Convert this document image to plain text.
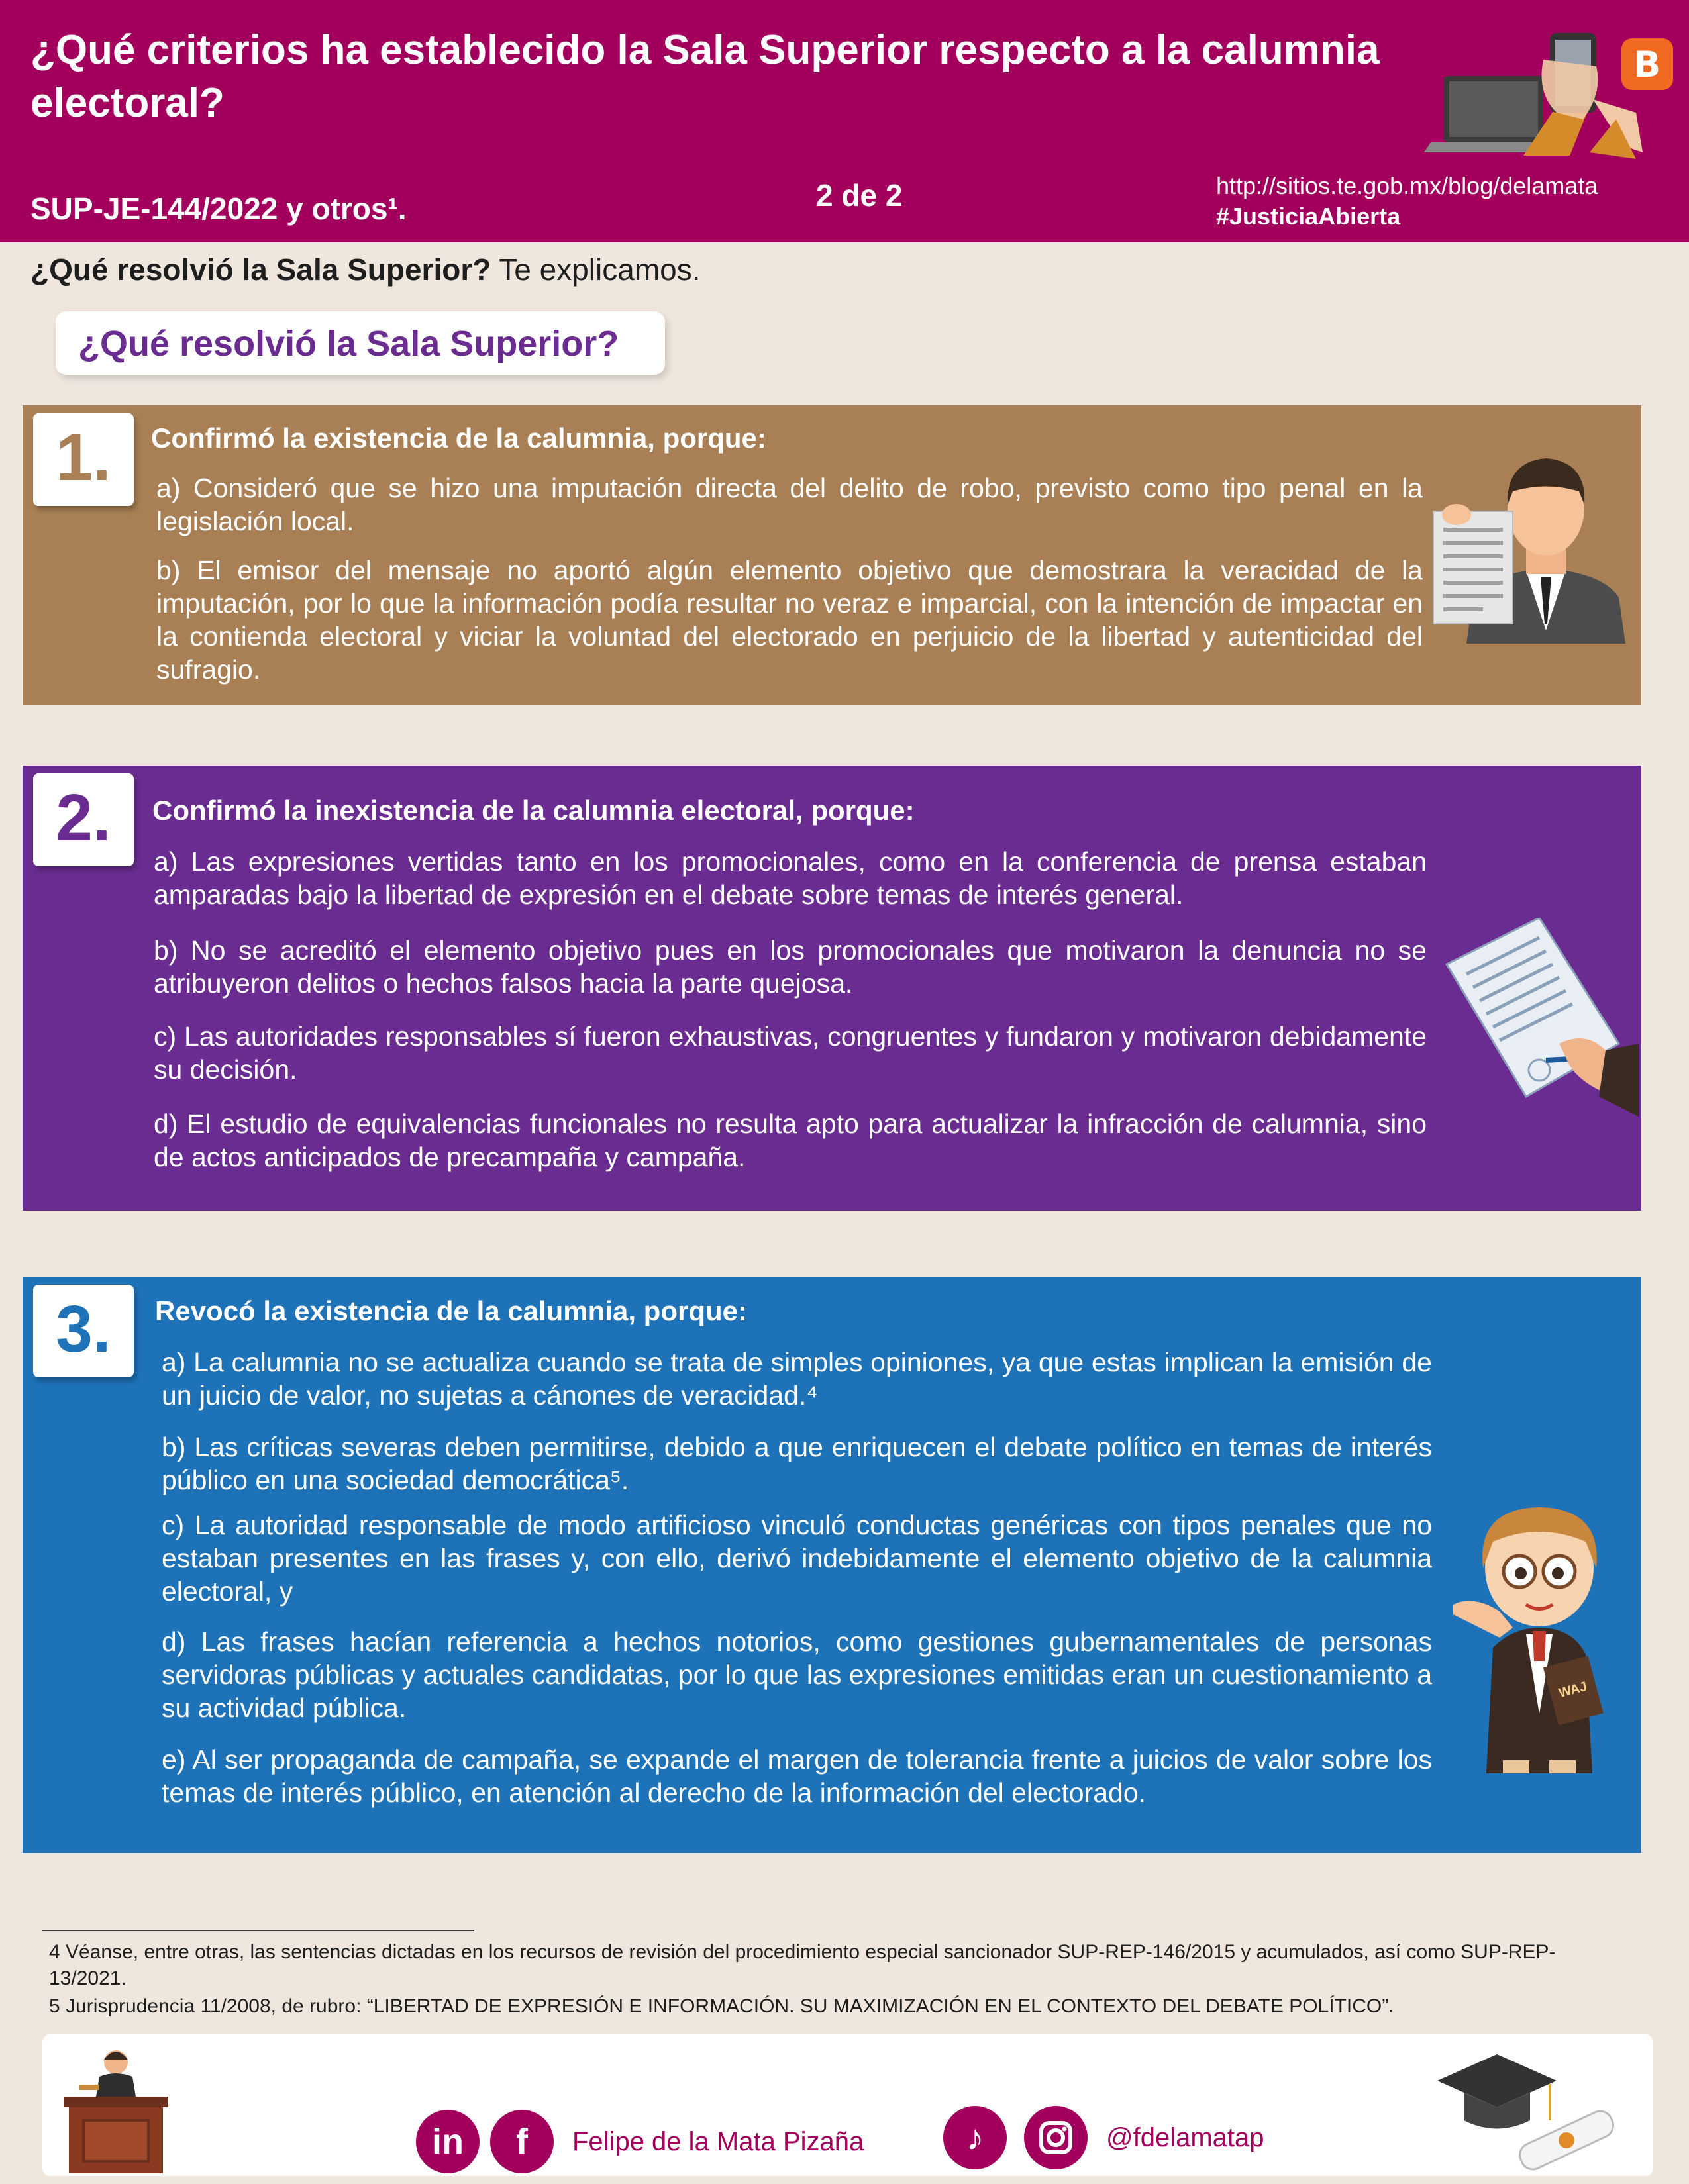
¿Qué criterios ha establecido la Sala Superior respecto a la calumnia electoral?
SUP-JE-144/2022 y otros¹.	2 de 2	http://sitios.te.gob.mx/blog/delamata
#JusticiaAbierta
B
¿Qué resolvió la Sala Superior? Te explicamos.
¿Qué resolvió la Sala Superior?
1.	Confirmó la existencia de la calumnia, porque:
a) Consideró que se hizo una imputación directa del delito de robo, previsto como tipo penal en la legislación local.
b) El emisor del mensaje no aportó algún elemento objetivo que demostrara la veracidad de la imputación, por lo que la información podía resultar no veraz e imparcial, con la intención de impactar en la contienda electoral y viciar la voluntad del electorado en perjuicio de la libertad y autenticidad del sufragio.
2.	Confirmó la inexistencia de la calumnia electoral, porque:
a) Las expresiones vertidas tanto en los promocionales, como en la conferencia de prensa estaban amparadas bajo la libertad de expresión en el debate sobre temas de interés general.
b) No se acreditó el elemento objetivo pues en los promocionales que motivaron la denuncia no se atribuyeron delitos o hechos falsos hacia la parte quejosa.
c) Las autoridades responsables sí fueron exhaustivas, congruentes y fundaron y motivaron debidamente su decisión.
d) El estudio de equivalencias funcionales no resulta apto para actualizar la infracción de calumnia, sino de actos anticipados de precampaña y campaña.
3.	Revocó la existencia de la calumnia, porque:
a) La calumnia no se actualiza cuando se trata de simples opiniones, ya que estas implican la emisión de un juicio de valor, no sujetas a cánones de veracidad.⁴
b) Las críticas severas deben permitirse, debido a que enriquecen el debate político en temas de interés público en una sociedad democrática⁵.
c) La autoridad responsable de modo artificioso vinculó conductas genéricas con tipos penales que no estaban presentes en las frases y, con ello, derivó indebidamente el elemento objetivo de la calumnia electoral, y
d) Las frases hacían referencia a hechos notorios, como gestiones gubernamentales de personas servidoras públicas y actuales candidatas, por lo que las expresiones emitidas eran un cuestionamiento a su actividad pública.
e) Al ser propaganda de campaña, se expande el margen de tolerancia frente a juicios de valor sobre los temas de interés público, en atención al derecho de la información del electorado.
WAJ
4 Véanse, entre otras, las sentencias dictadas en los recursos de revisión del procedimiento especial sancionador SUP-REP-146/2015 y acumulados, así como SUP-REP-13/2021.
5 Jurisprudencia 11/2008, de rubro: “LIBERTAD DE EXPRESIÓN E INFORMACIÓN. SU MAXIMIZACIÓN EN EL CONTEXTO DEL DEBATE POLÍTICO”.
in	f	Felipe de la Mata Pizaña	♪	@fdelamatap
